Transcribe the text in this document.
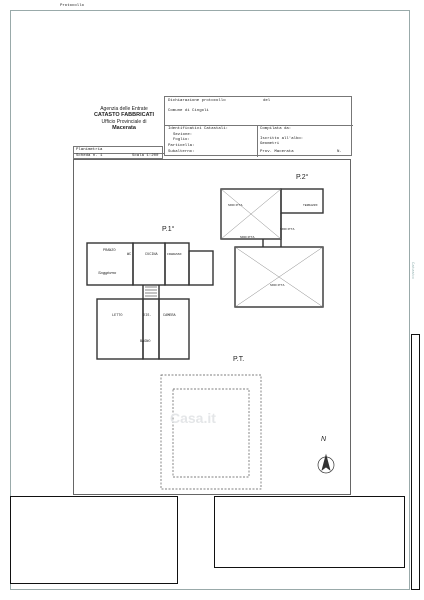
Protocollo
Catasto
Agenzia delle Entrate
CATASTO FABBRICATI
Ufficio Provinciale di
Macerata
Dichiarazione protocollo	del
Comune di Cingoli
Identificativi Catastali:
Sezione:
Foglio:
Particella:
Subalterno:
Compilata da:
Iscritto all'albo:
Geometri
Prov. Macerata	N.
Planimetria
Scheda n. 1	Scala 1:200
P.1°
P.2°
P.T.
PRANZO
WC	CUCINA
Soggiorno
INGRESSO
LETTO	CAMERA
DIS.
BAGNO
SOFFITTA	TERRAZZO
SOFFITTA
SOFFITTA
SOFFITTA
N
Casa.it
